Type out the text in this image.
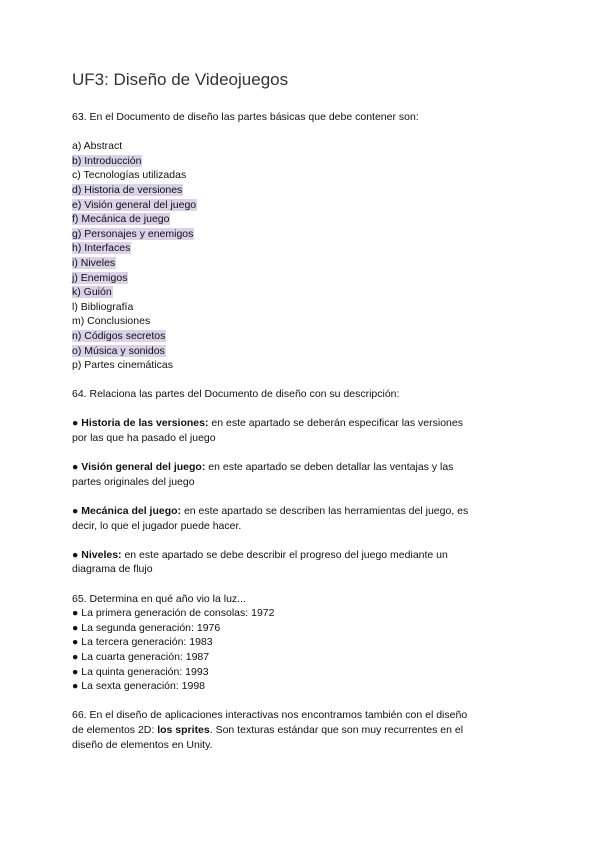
UF3: Diseño de Videojuegos

63. En el Documento de diseño las partes básicas que debe contener son:

a) Abstract
b) Introducción
c) Tecnologías utilizadas
d) Historia de versiones
e) Visión general del juego
f) Mecánica de juego
g) Personajes y enemigos
h) Interfaces
i) Niveles
j) Enemigos
k) Guión
l) Bibliografía
m) Conclusiones
n) Códigos secretos
o) Música y sonidos
p) Partes cinemáticas

64. Relaciona las partes del Documento de diseño con su descripción:

● Historia de las versiones: en este apartado se deberán especificar las versiones por las que ha pasado el juego

● Visión general del juego: en este apartado se deben detallar las ventajas y las partes originales del juego

● Mecánica del juego: en este apartado se describen las herramientas del juego, es decir, lo que el jugador puede hacer.

● Niveles: en este apartado se debe describir el progreso del juego mediante un diagrama de flujo

65. Determina en qué año vio la luz...

● La primera generación de consolas: 1972
● La segunda generación: 1976
● La tercera generación: 1983
● La cuarta generación: 1987
● La quinta generación: 1993
● La sexta generación: 1998

66. En el diseño de aplicaciones interactivas nos encontramos también con el diseño de elementos 2D: los sprites. Son texturas estándar que son muy recurrentes en el diseño de elementos en Unity.
